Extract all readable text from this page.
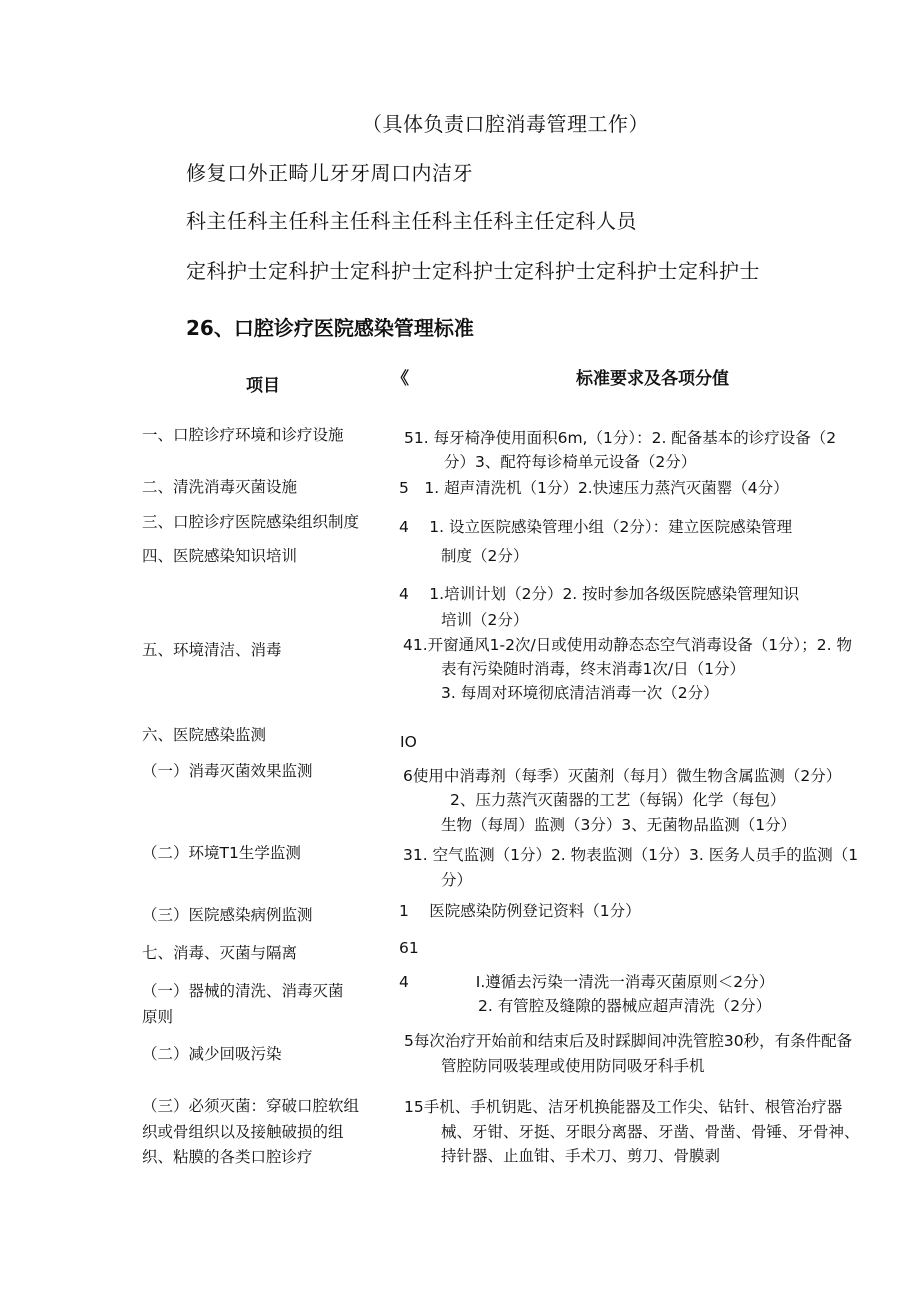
（具体负责口腔消毒管理工作）
修复口外正畸儿牙牙周口内洁牙
科主任科主任科主任科主任科主任科主任定科人员
定科护士定科护士定科护士定科护士定科护士定科护士定科护士
26、口腔诊疗医院感染管理标准
项目	《	标准要求及各项分值
一、口腔诊疗环境和诊疗设施
二、清洗消毒灭菌设施
三、口腔诊疗医院感染组织制度
四、医院感染知识培训
五、环境清洁、消毒
六、医院感染监测
（一）消毒灭菌效果监测
（二）环境T1生学监测
（三）医院感染病例监测
七、消毒、灭菌与隔离
（一）器械的清洗、消毒灭菌
原则
（二）减少回吸污染
（三）必须灭菌：穿破口腔软组
织或骨组织以及接触破损的组
织、粘膜的各类口腔诊疗
51. 每牙椅净使用面积6m,（1分）：2. 配备基本的诊疗设备（2
分）3、配符每诊椅单元设备（2分）
5　1. 超声清洗机（1分）2.快速压力蒸汽灭菌罂（4分）
4　 1. 设立医院感染管理小组（2分）：建立医院感染管理
制度（2分）
4　 1.培训计划（2分）2. 按时参加各级医院感染管理知识
培训（2分）
41.开窗通风1-2次/日或使用动静态态空气消毒设备（1分）；2. 物
表有污染随时消毒，终末消毒1次/日（1分）
3. 每周对环境彻底清洁消毒一次（2分）
IO
6使用中消毒剂（每季）灭菌剂（每月）微生物含属监测（2分）
2、压力蒸汽灭菌器的工艺（每锅）化学（每包）
生物（每周）监测（3分）3、无菌物品监测（1分）
31. 空气监测（1分）2. 物表监测（1分）3. 医务人员手的监测（1
分）
1　 医院感染防例登记资料（1分）
61
4　　　　 I.遵循去污染一清洗一消毒灭菌原则＜2分）
2. 有管腔及缝隙的器械应超声清洗（2分）
5每次治疗开始前和结束后及时踩脚间冲洗管腔30秒，有条件配备
管腔防同吸装理或使用防同吸牙科手机
15手机、手机钥匙、洁牙机换能器及工作尖、钻针、根管治疗器
械、牙钳、牙挺、牙眼分离器、牙凿、骨凿、骨锤、牙骨神、
持针器、止血钳、手术刀、剪刀、骨膜剥
